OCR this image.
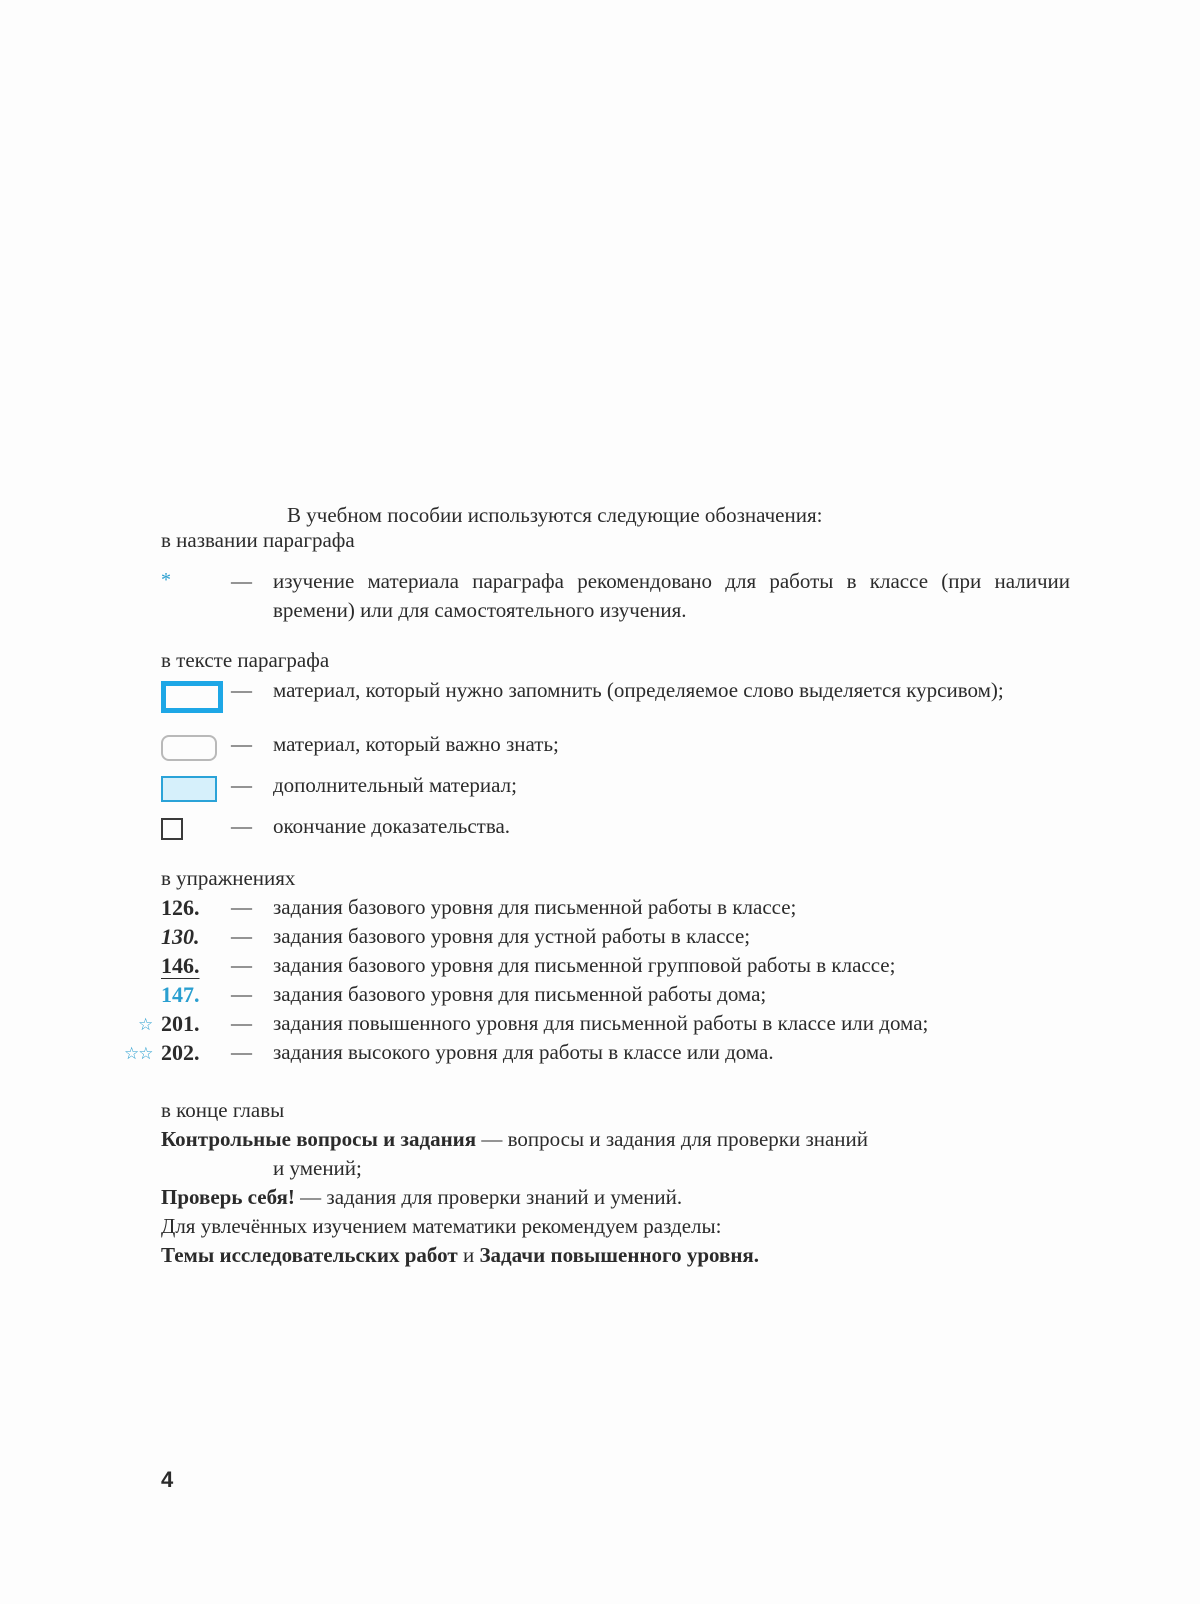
В учебном пособии используются следующие обозначения:
в названии параграфа
*	— изучение материала параграфа рекомендовано для работы в классе (при наличии времени) или для самостоятельного изучения.
в тексте параграфа
— материал, который нужно запомнить (определяемое слово выделяется курсивом);
— материал, который важно знать;
— дополнительный материал;
— окончание доказательства.
в упражнениях
126. — задания базового уровня для письменной работы в классе;
130. — задания базового уровня для устной работы в классе;
146. — задания базового уровня для письменной групповой работы в классе;
147. — задания базового уровня для письменной работы дома;
☆ 201. — задания повышенного уровня для письменной работы в классе или дома;
☆☆ 202. — задания высокого уровня для работы в классе или дома.
в конце главы
Контрольные вопросы и задания — вопросы и задания для проверки знаний
и умений;
Проверь себя! — задания для проверки знаний и умений.
Для увлечённых изучением математики рекомендуем разделы:
Темы исследовательских работ и Задачи повышенного уровня.
4
